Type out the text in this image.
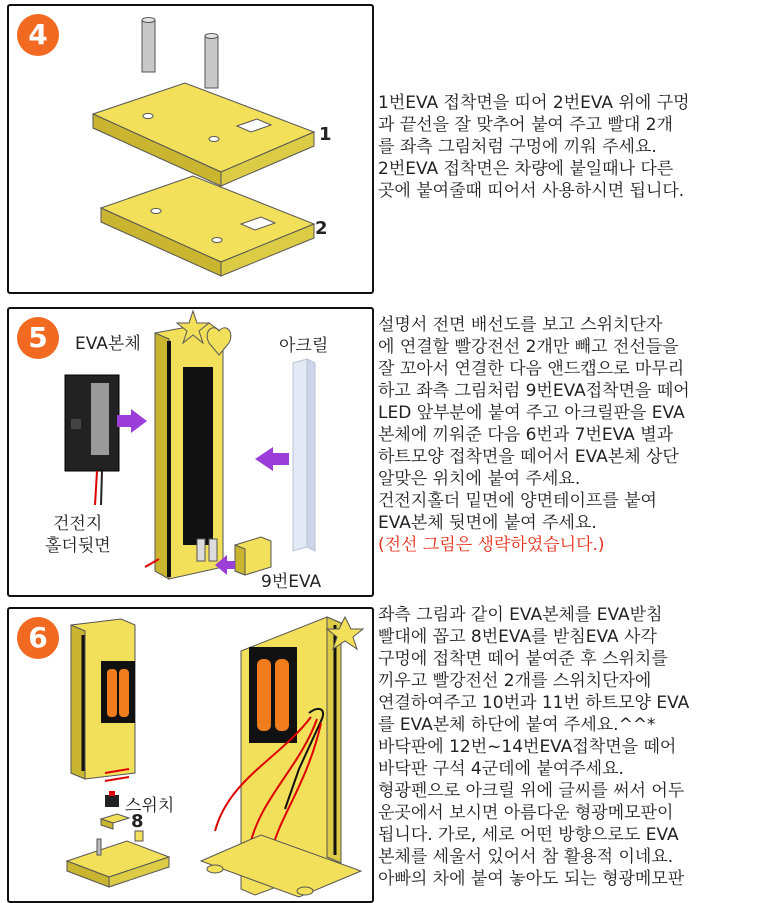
4
1
2
1번EVA 접착면을 띠어 2번EVA 위에 구멍
과 끝선을 잘 맞추어 붙여 주고 빨대 2개
를 좌측 그림처럼 구멍에 끼워 주세요.
2번EVA 접착면은 차량에 붙일때나 다른
곳에 붙여줄때 띠어서 사용하시면 됩니다.
5	EVA본체	아크릴
건전지
홀더뒷면
9번EVA
설명서 전면 배선도를 보고 스위치단자
에 연결할 빨강전선 2개만 빼고 전선들을
잘 꼬아서 연결한 다음 앤드캡으로 마무리
하고 좌측 그림처럼 9번EVA접착면을 떼어
LED 앞부분에 붙여 주고 아크릴판을 EVA
본체에 끼워준 다음 6번과 7번EVA 별과
하트모양 접착면을 떼어서 EVA본체 상단
알맞은 위치에 붙여 주세요.
건전지홀더 밑면에 양면테이프를 붙여
EVA본체 뒷면에 붙여 주세요.
(전선 그림은 생략하였습니다.)
6
스위치
8
좌측 그림과 같이 EVA본체를 EVA받침
빨대에 꼽고 8번EVA를 받침EVA 사각
구멍에 접착면 떼어 붙여준 후 스위치를
끼우고 빨강전선 2개를 스위치단자에
연결하여주고 10번과 11번 하트모양 EVA
를 EVA본체 하단에 붙여 주세요.^^*
바닥판에 12번~14번EVA접착면을 떼어
바닥판 구석 4군데에 붙여주세요.
형광펜으로 아크릴 위에 글씨를 써서 어두
운곳에서 보시면 아름다운 형광메모판이
됩니다. 가로, 세로 어떤 방향으로도 EVA
본체를 세울서 있어서 참 활용적 이네요.
아빠의 차에 붙여 놓아도 되는 형광메모판
